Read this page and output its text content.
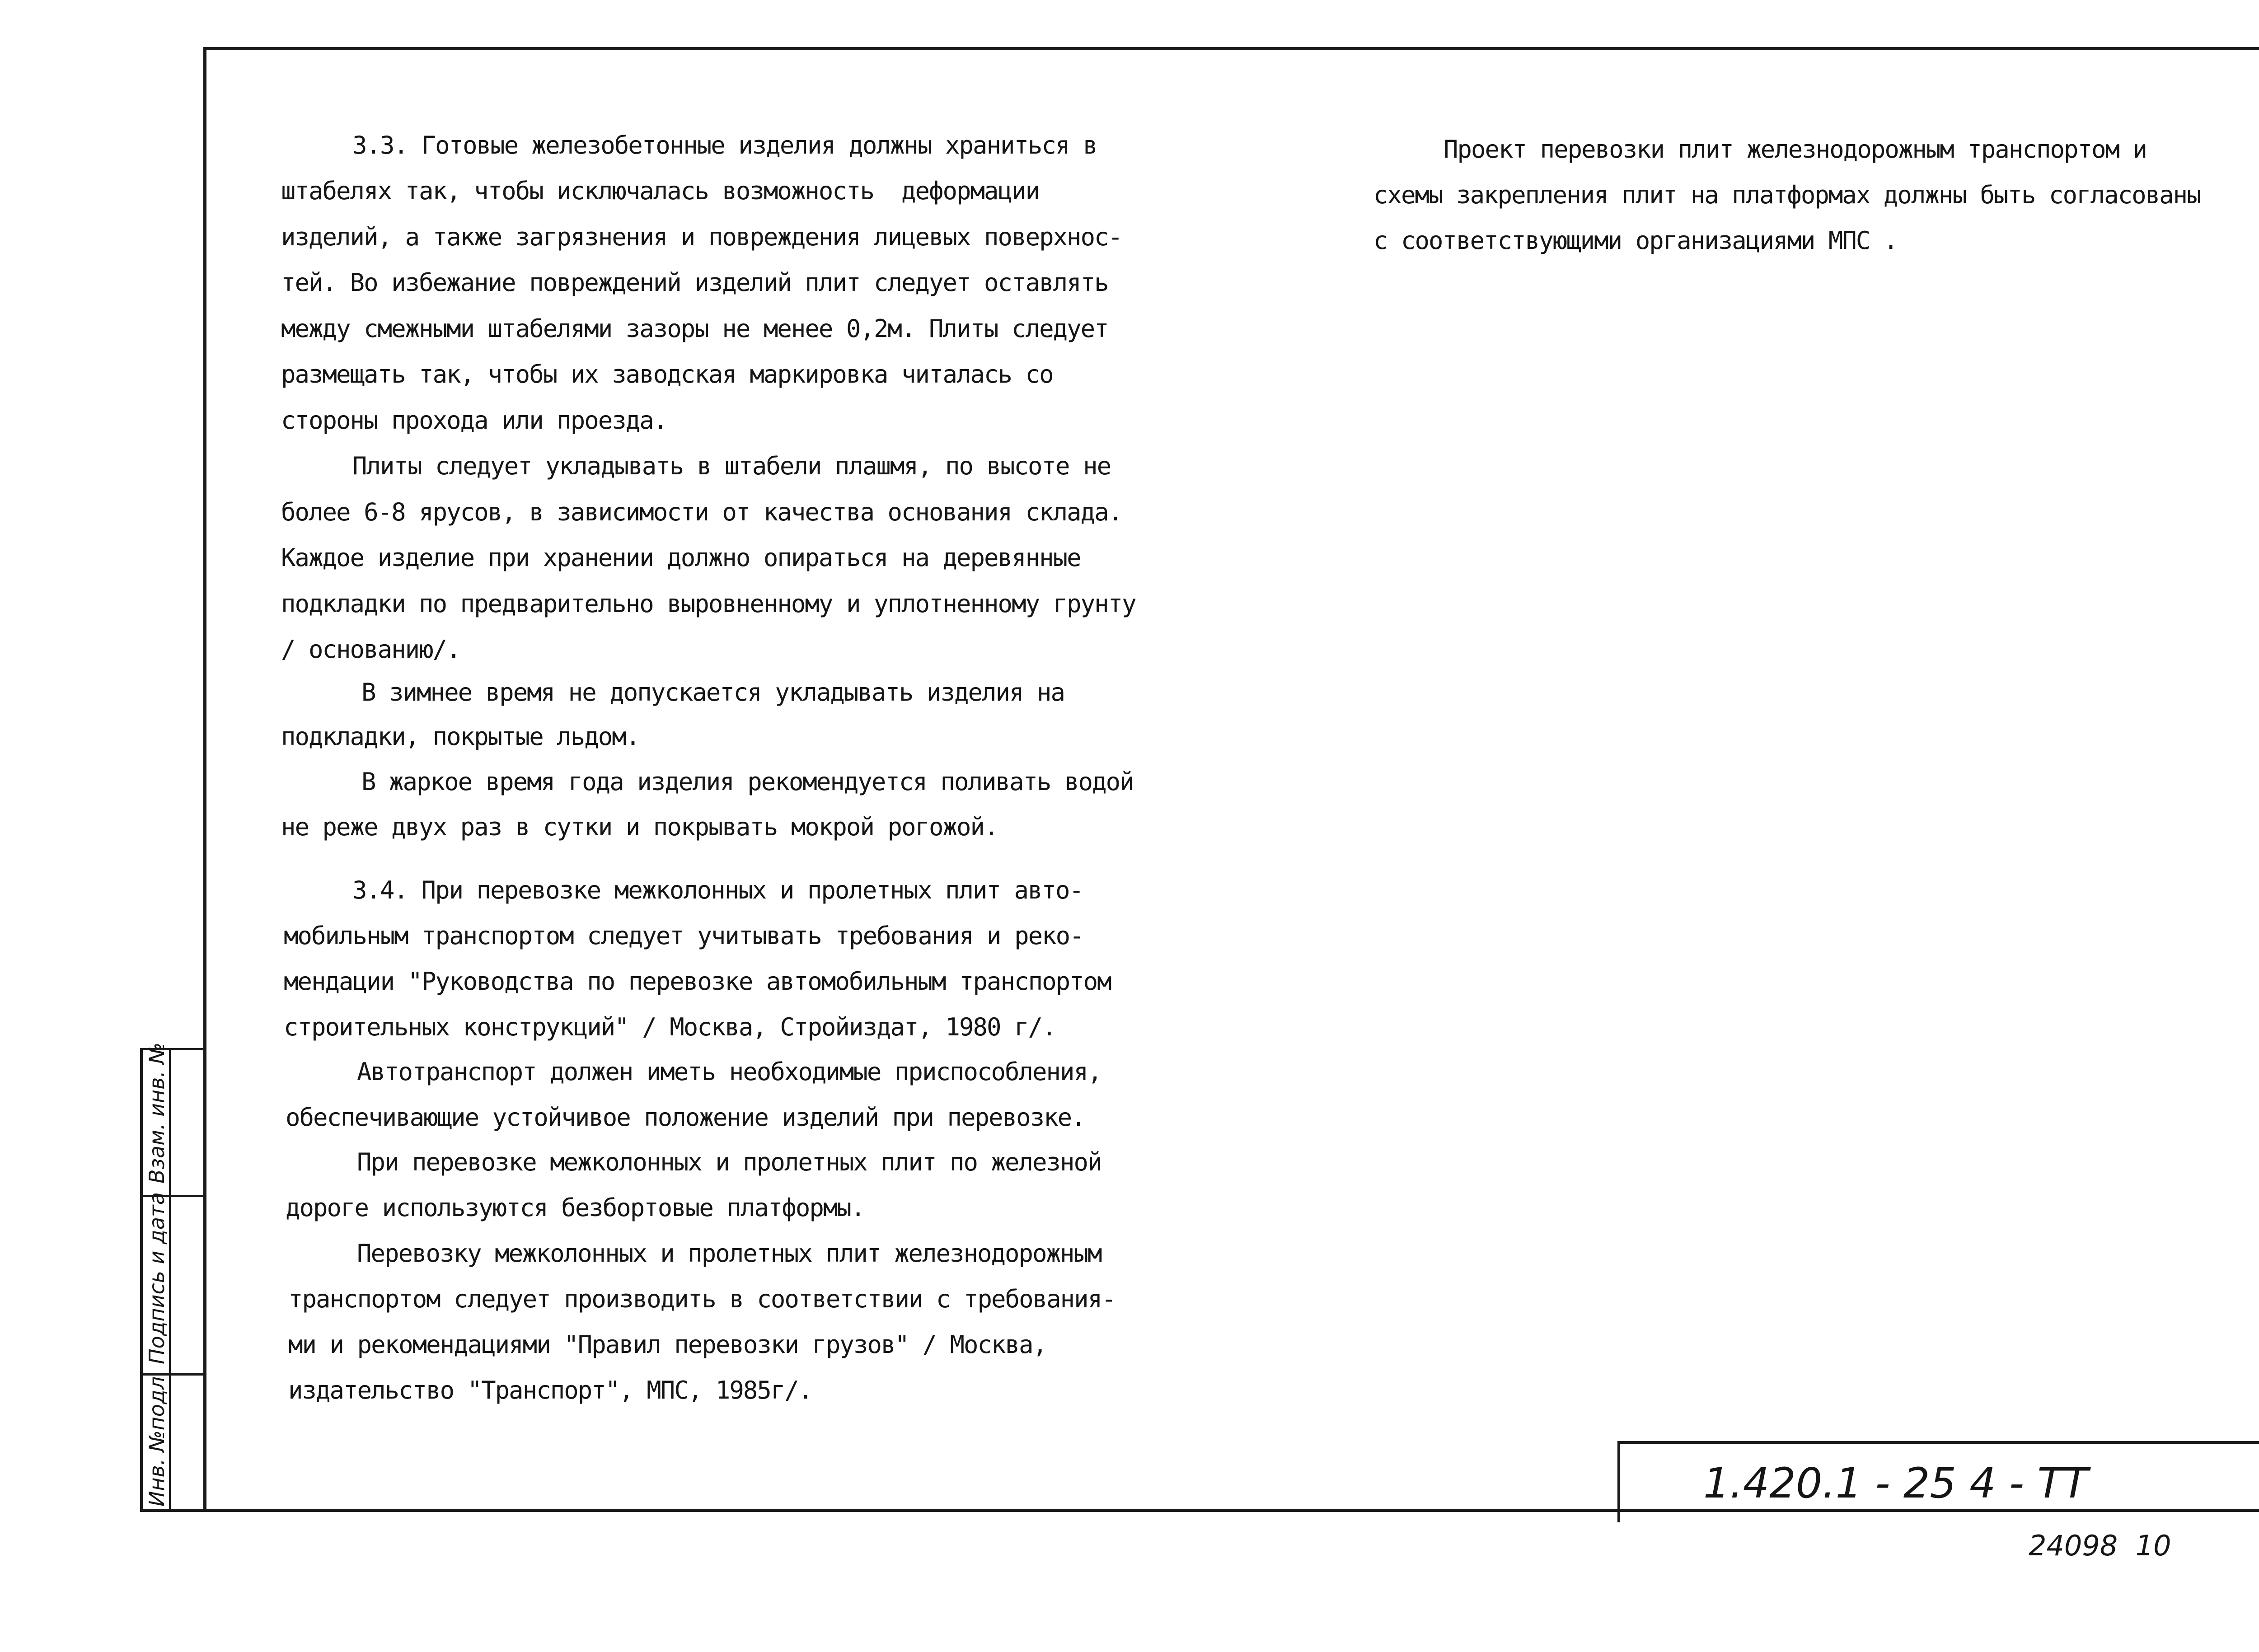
3.3. Готовые железобетонные изделия должны храниться в

штабелях так, чтобы исключалась возможность  деформации

изделий, а также загрязнения и повреждения лицевых поверхнос-

тей. Во избежание повреждений изделий плит следует оставлять

между смежными штабелями зазоры не менее 0,2м. Плиты следует

размещать так, чтобы их заводская маркировка читалась со

стороны прохода или проезда.

Плиты следует укладывать в штабели плашмя, по высоте не

более 6-8 ярусов, в зависимости от качества основания склада.

Каждое изделие при хранении должно опираться на деревянные

подкладки по предварительно выровненному и уплотненному грунту

/ основанию/.

В зимнее время не допускается укладывать изделия на

подкладки, покрытые льдом.

В жаркое время года изделия рекомендуется поливать водой

не реже двух раз в сутки и покрывать мокрой рогожой.

3.4. При перевозке межколонных и пролетных плит авто-

мобильным транспортом следует учитывать требования и реко-

мендации "Руководства по перевозке автомобильным транспортом

строительных конструкций" / Москва, Стройиздат, 1980 г/.

Автотранспорт должен иметь необходимые приспособления,

обеспечивающие устойчивое положение изделий при перевозке.

При перевозке межколонных и пролетных плит по железной

дороге используются безбортовые платформы.

Перевозку межколонных и пролетных плит железнодорожным

транспортом следует производить в соответствии с требования-

ми и рекомендациями "Правил перевозки грузов" / Москва,

издательство "Транспорт", МПС, 1985г/.

Проект перевозки плит железнодорожным транспортом и

схемы закрепления плит на платформах должны быть согласованы

с соответствующими организациями МПС .

Взам. инв. №
Подпись и дата
Инв. №подл	1.420.1 - 25 4 - ТТ
24098  10
